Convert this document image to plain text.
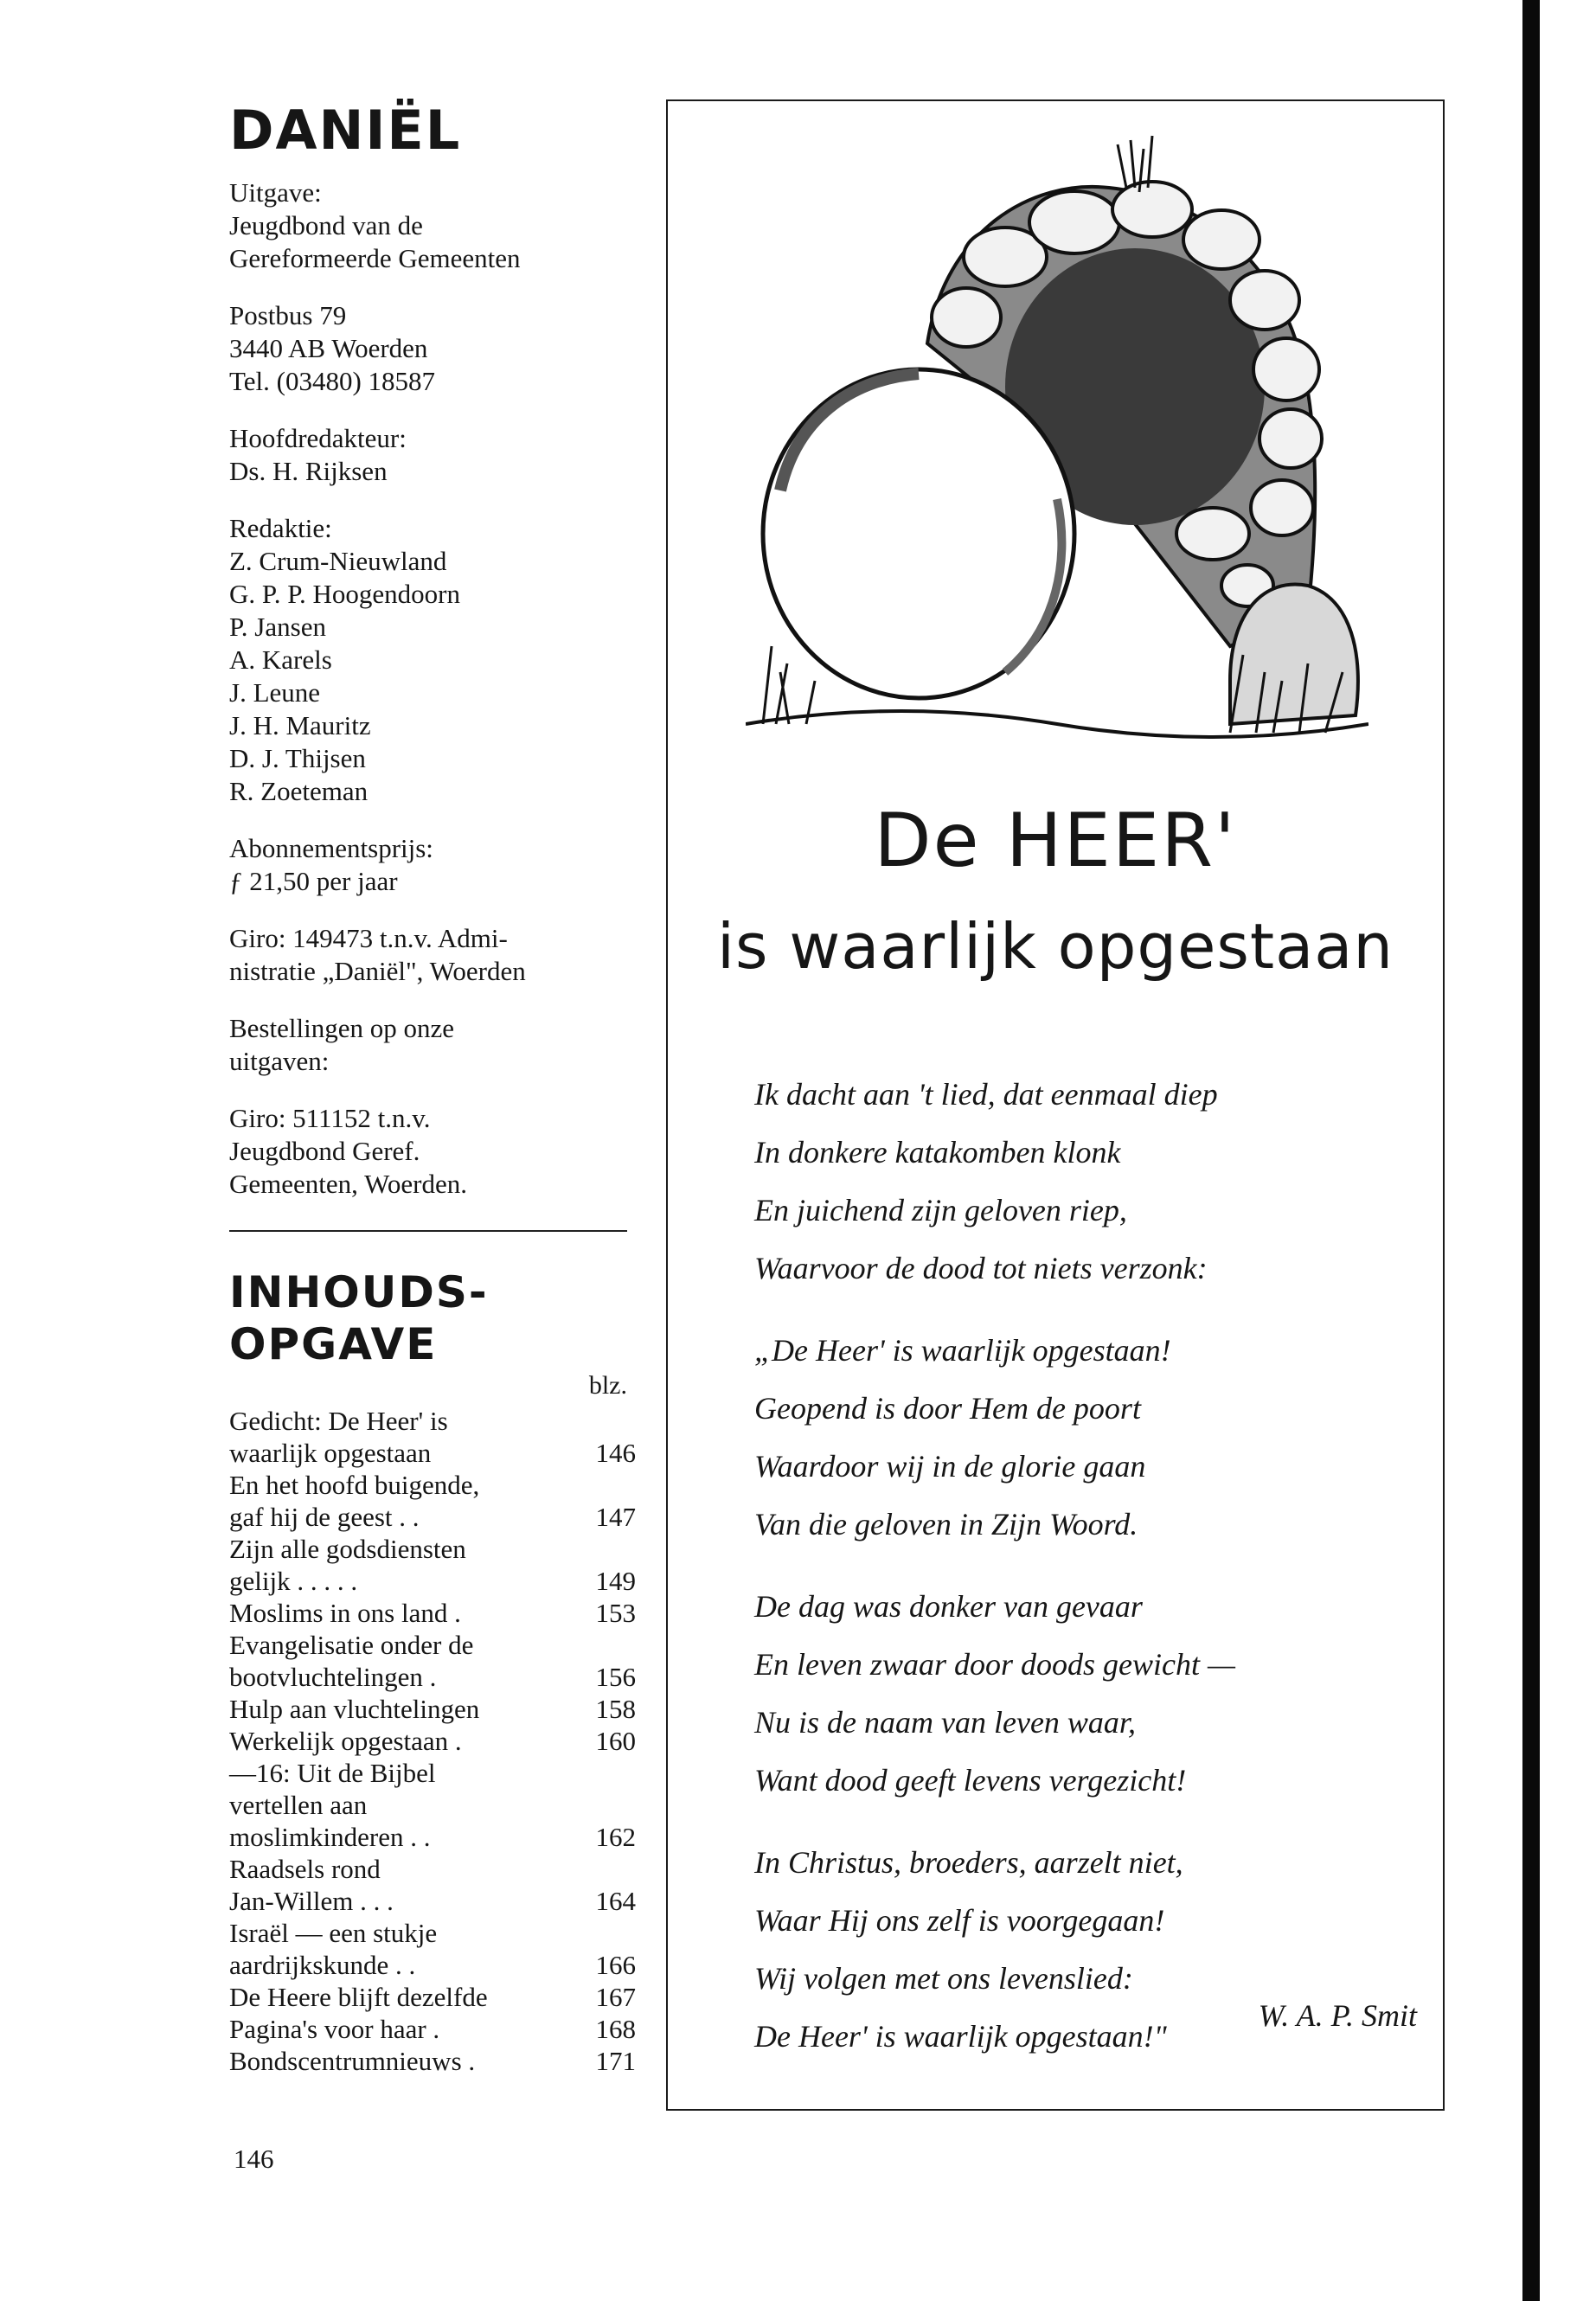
DANIËL

Uitgave:
Jeugdbond van de
Gereformeerde Gemeenten

Postbus 79
3440 AB Woerden
Tel. (03480) 18587

Hoofdredakteur:
Ds. H. Rijksen

Redaktie:
Z. Crum-Nieuwland
G. P. P. Hoogendoorn
P. Jansen
A. Karels
J. Leune
J. H. Mauritz
D. J. Thijsen
R. Zoeteman

Abonnementsprijs:
ƒ 21,50 per jaar

Giro: 149473 t.n.v. Admi-
nistratie „Daniël", Woerden

Bestellingen op onze
uitgaven:

Giro: 511152 t.n.v.
Jeugdbond Geref.
Gemeenten, Woerden.

INHOUDS-
OPGAVE

blz.

Gedicht: De Heer' is
waarlijk opgestaan	146
En het hoofd buigende,
gaf hij de geest . .	147
Zijn alle godsdiensten
gelijk . . . . .	149
Moslims in ons land .	153
Evangelisatie onder de
bootvluchtelingen .	156
Hulp aan vluchtelingen	158
Werkelijk opgestaan .	160
—16: Uit de Bijbel
vertellen aan
moslimkinderen . .	162
Raadsels rond
Jan-Willem . . .	164
Israël — een stukje
aardrijkskunde . .	166
De Heere blijft dezelfde	167
Pagina's voor haar .	168
Bondscentrumnieuws .	171
146
De HEER'
is waarlijk opgestaan
Ik dacht aan 't lied, dat eenmaal diep
In donkere katakomben klonk
En juichend zijn geloven riep,
Waarvoor de dood tot niets verzonk:
„De Heer' is waarlijk opgestaan!
Geopend is door Hem de poort
Waardoor wij in de glorie gaan
Van die geloven in Zijn Woord.
De dag was donker van gevaar
En leven zwaar door doods gewicht —
Nu is de naam van leven waar,
Want dood geeft levens vergezicht!
In Christus, broeders, aarzelt niet,
Waar Hij ons zelf is voorgegaan!
Wij volgen met ons levenslied:
De Heer' is waarlijk opgestaan!"
W. A. P. Smit
